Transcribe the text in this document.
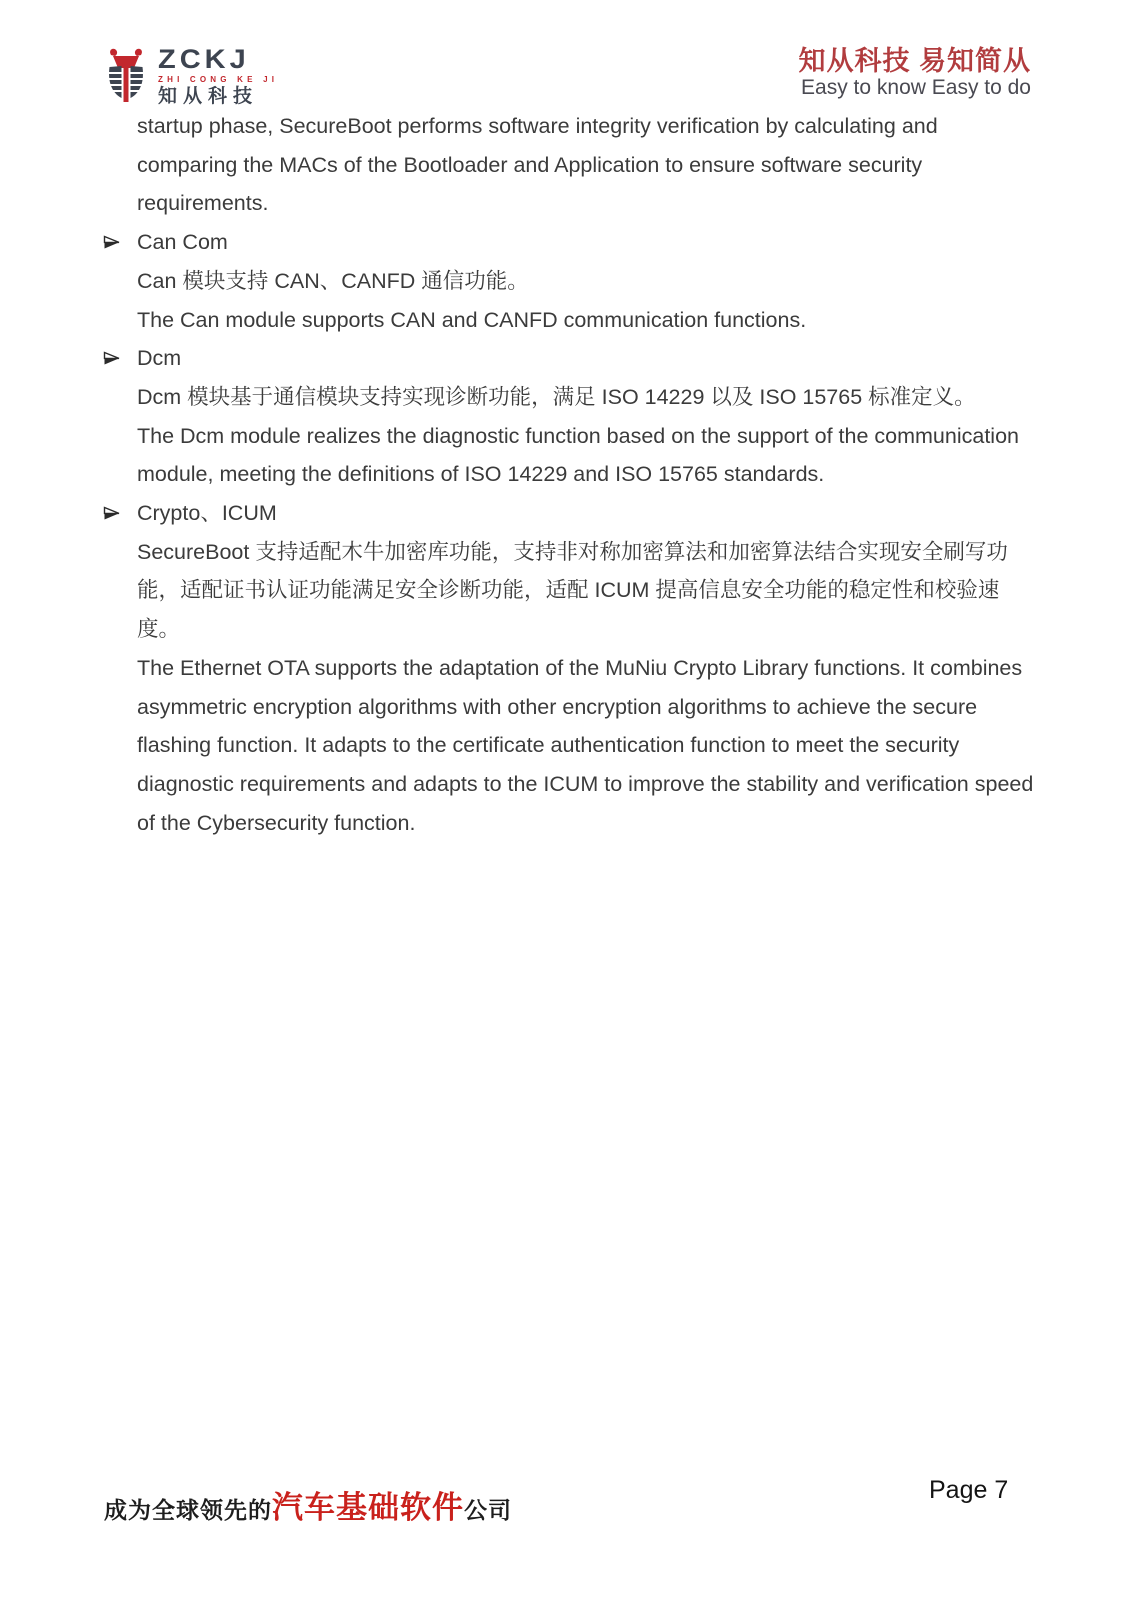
ZCKJ
ZHI CONG KE JI
知从科技
知从科技 易知简从
Easy to know Easy to do

startup phase, SecureBoot performs software integrity verification by calculating and comparing the MACs of the Bootloader and Application to ensure software security requirements.

Can Com

Can 模块支持 CAN、CANFD 通信功能。

The Can module supports CAN and CANFD communication functions.

Dcm

Dcm 模块基于通信模块支持实现诊断功能，满足 ISO 14229 以及 ISO 15765 标准定义。

The Dcm module realizes the diagnostic function based on the support of the communication module, meeting the definitions of ISO 14229 and ISO 15765 standards.

Crypto、ICUM

SecureBoot 支持适配木牛加密库功能，支持非对称加密算法和加密算法结合实现安全刷写功能，适配证书认证功能满足安全诊断功能，适配 ICUM 提高信息安全功能的稳定性和校验速度。

The Ethernet OTA supports the adaptation of the MuNiu Crypto Library functions. It combines asymmetric encryption algorithms with other encryption algorithms to achieve the secure flashing function. It adapts to the certificate authentication function to meet the security diagnostic requirements and adapts to the ICUM to improve the stability and verification speed of the Cybersecurity function.

成为全球领先的汽车基础软件公司
Page 7
